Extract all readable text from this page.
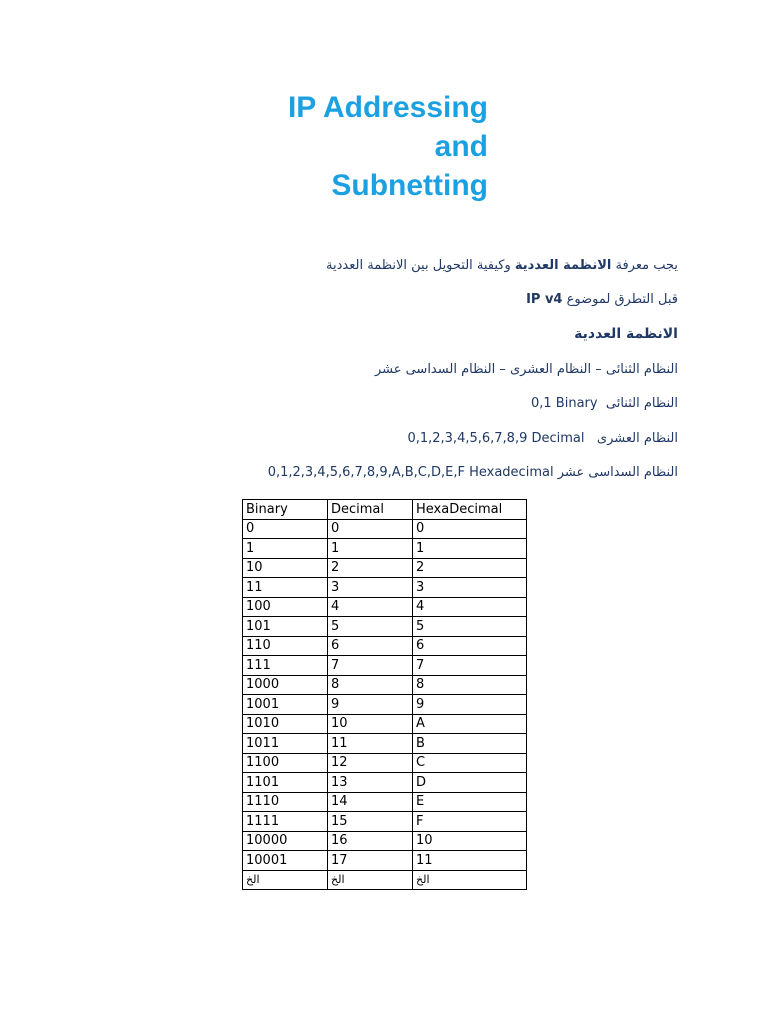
IP Addressing
and
Subnetting
يجب معرفة الانظمة العددية وكيفية التحويل بين الانظمة العددية
قبل التطرق لموضوع IP v4
الانظمة العددية
النظام الثنائى – النظام العشرى – النظام السداسى عشر
النظام الثنائى  0,1 Binary
النظام العشرى   0,1,2,3,4,5,6,7,8,9 Decimal
النظام السداسى عشر 0,1,2,3,4,5,6,7,8,9,A,B,C,D,E,F Hexadecimal
Binary	Decimal	HexaDecimal
0	0	0
1	1	1
10	2	2
11	3	3
100	4	4
101	5	5
110	6	6
111	7	7
1000	8	8
1001	9	9
1010	10	A
1011	11	B
1100	12	C
1101	13	D
1110	14	E
1111	15	F
10000	16	10
10001	17	11
الخ	الخ	الخ
